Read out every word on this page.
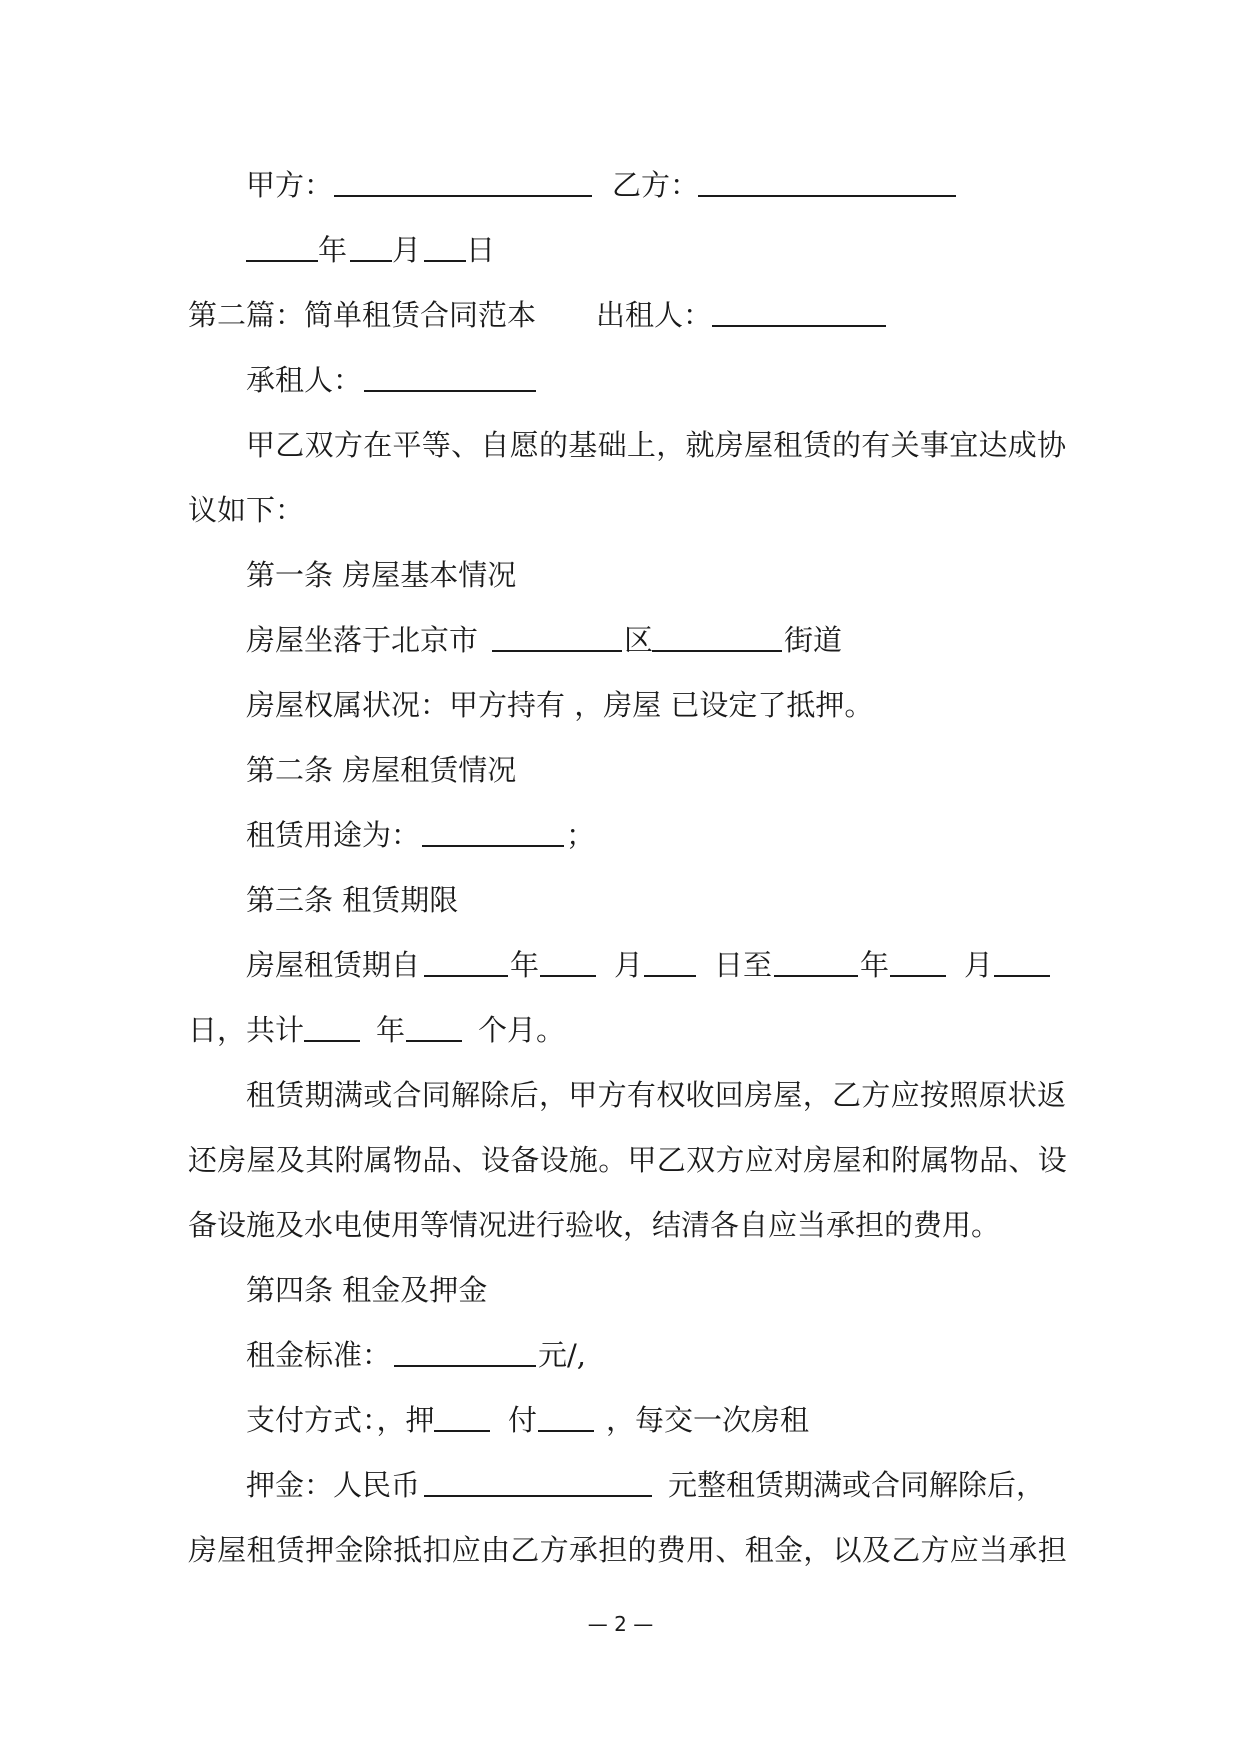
甲方：	乙方：
年 月 日
第二篇：简单租赁合同范本 出租人：
承租人：
甲乙双方在平等、自愿的基础上，就房屋租赁的有关事宜达成协
议如下：
第一条 房屋基本情况
房屋坐落于北京市	区	街道
房屋权属状况：甲方持有 ，房屋 已设定了抵押。
第二条 房屋租赁情况
租赁用途为：	；
第三条 租赁期限
房屋租赁期自	年	月 日至	年	月
日，共计 年	个月。
租赁期满或合同解除后，甲方有权收回房屋，乙方应按照原状返
还房屋及其附属物品、设备设施。甲乙双方应对房屋和附属物品、设
备设施及水电使用等情况进行验收，结清各自应当承担的费用。
第四条 租金及押金
租金标准：	元/,
支付方式：，押	付 ，每交一次房租
押金：人民币	元整租赁期满或合同解除后，
房屋租赁押金除抵扣应由乙方承担的费用、租金，以及乙方应当承担
— 2 —
